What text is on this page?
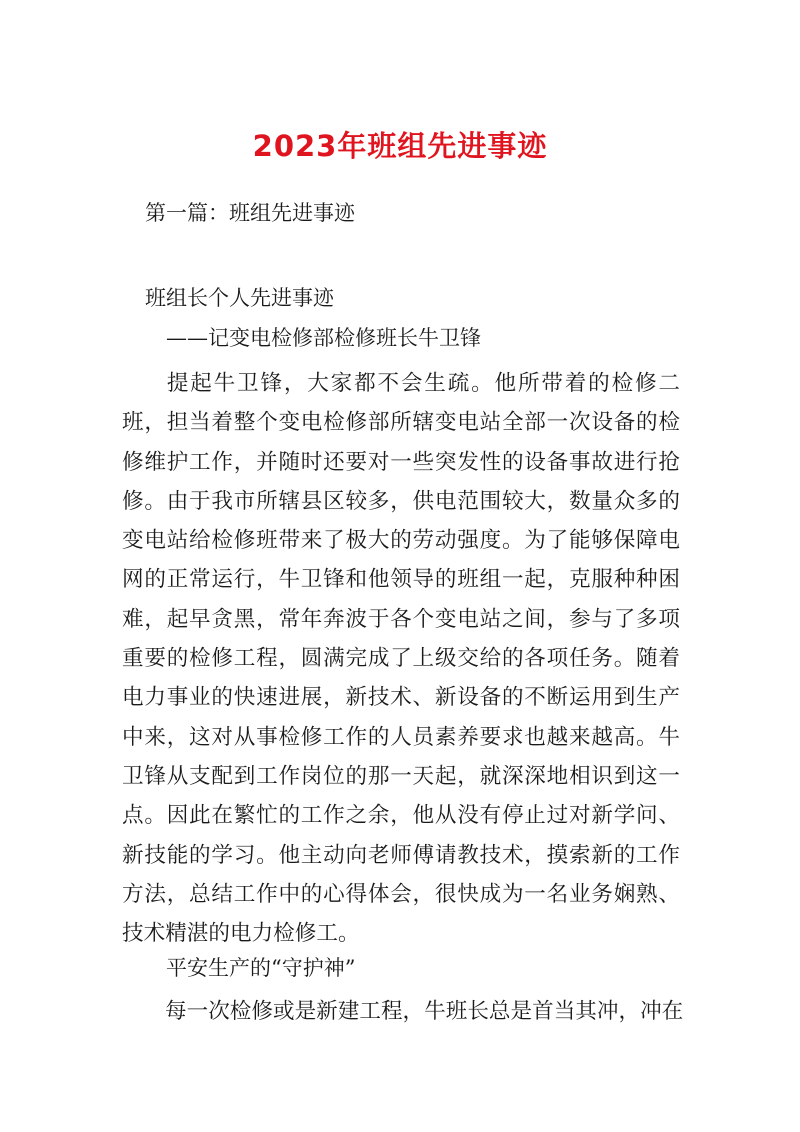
2023年班组先进事迹

第一篇：班组先进事迹

班组长个人先进事迹

——记变电检修部检修班长牛卫锋

提起牛卫锋，大家都不会生疏。他所带着的检修二班，担当着整个变电检修部所辖变电站全部一次设备的检修维护工作，并随时还要对一些突发性的设备事故进行抢修。由于我市所辖县区较多，供电范围较大，数量众多的变电站给检修班带来了极大的劳动强度。为了能够保障电网的正常运行，牛卫锋和他领导的班组一起，克服种种困难，起早贪黑，常年奔波于各个变电站之间，参与了多项重要的检修工程，圆满完成了上级交给的各项任务。随着电力事业的快速进展，新技术、新设备的不断运用到生产中来，这对从事检修工作的人员素养要求也越来越高。牛卫锋从支配到工作岗位的那一天起，就深深地相识到这一点。因此在繁忙的工作之余，他从没有停止过对新学问、新技能的学习。他主动向老师傅请教技术，摸索新的工作方法，总结工作中的心得体会，很快成为一名业务娴熟、技术精湛的电力检修工。

平安生产的“守护神”

每一次检修或是新建工程，牛班长总是首当其冲，冲在
